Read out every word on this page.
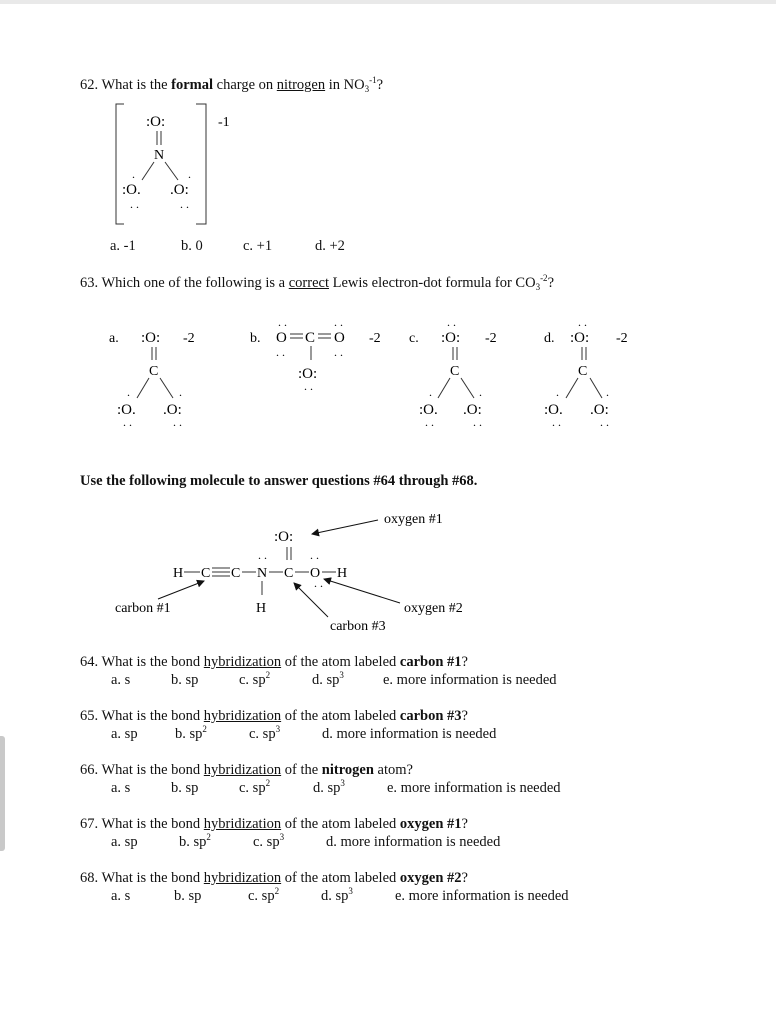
62. What is the formal charge on nitrogen in $NO_3^{-1}$?
-1
:O:
N
:O. .O:
.	.
. .	. .
a. -1	b. 0	c. +1	d. +2
63. Which one of the following is a correct Lewis electron-dot formula for $CO_3^{-2}$?
a. :O: -2
C
:O. .O:
.	.
. .	. .
b.
. .	. .
O C O -2
. .	. .
:O:
. .
c.
. .
:O: -2
C
:O. .O:
.	.
. .	. .
d.
. .
:O: -2
C
:O. .O:
.	.
. .	. .
Use the following molecule to answer questions #64 through #68.
oxygen #1
:O:
. .	. .
H C C N C O H
. .
H
carbon #1	oxygen #2
carbon #3
64. What is the bond hybridization of the atom labeled carbon #1?
a. s	b. sp	c. $sp^2$	d. $sp^3$	e. more information is needed
65. What is the bond hybridization of the atom labeled carbon #3?
a. sp	b. $sp^2$	c. $sp^3$	d. more information is needed
66. What is the bond hybridization of the nitrogen atom?
a. s	b. sp	c. $sp^2$	d. $sp^3$	e. more information is needed
67. What is the bond hybridization of the atom labeled oxygen #1?
a. sp	b. $sp^2$	c. $sp^3$	d. more information is needed
68. What is the bond hybridization of the atom labeled oxygen #2?
a. s	b. sp	c. $sp^2$	d. $sp^3$	e. more information is needed
